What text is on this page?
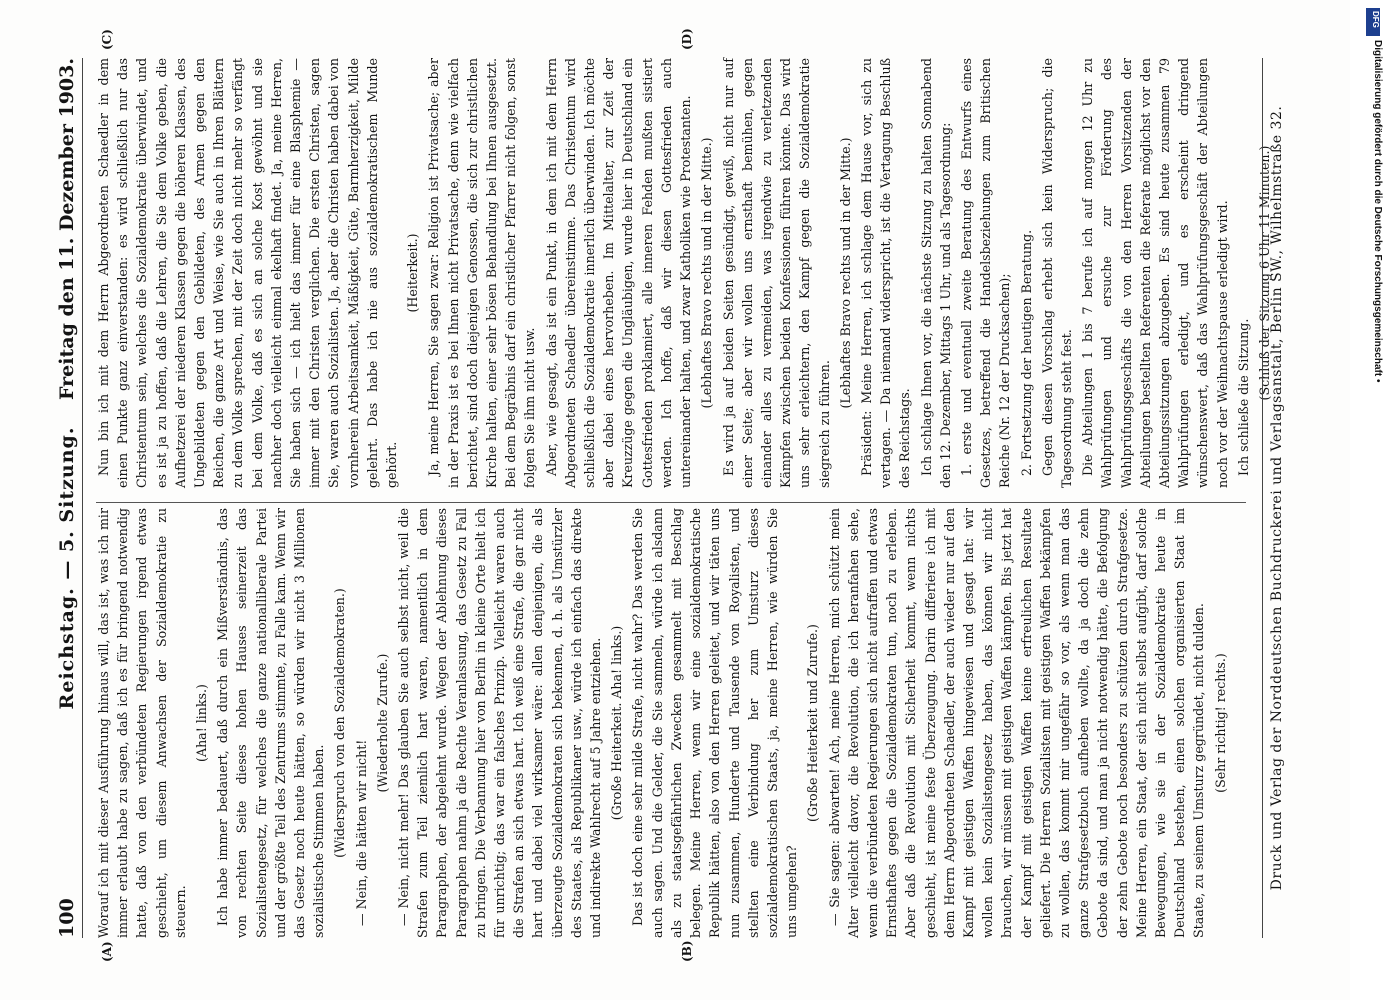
100
Reichstag. — 5. Sitzung.
Freitag den 11. Dezember 1903.
(A)	(B)
(C)	(D)

Worauf ich mit dieser Ausführung hinaus will, das ist, was ich mir immer erlaubt habe zu sagen, daß ich es für bringend notwendig hatte, daß von den verbündeten Regierungen irgend etwas geschieht, um diesem Anwachsen der Sozialdemokratie zu steuern.

(Aha! links.) Ich habe immer bedauert, daß durch ein Mißverständnis, das von rechten Seite dieses hohen Hauses seinerzeit das Sozialistengesetz, für welches die ganze nationalliberale Partei und der größte Teil des Zentrums stimmte, zu Falle kam. Wenn wir das Gesetz noch heute hätten, so würden wir nicht 3 Millionen sozialistische Stimmen haben. (Widerspruch von den Sozialdemokraten.) — Nein, die hätten wir nicht!

(Wiederholte Zurufe.) — Nein, nicht mehr! Das glauben Sie auch selbst nicht, weil die Strafen zum Teil ziemlich hart waren, namentlich in dem Paragraphen, der abgelehnt wurde. Wegen der Ablehnung dieses Paragraphen nahm ja die Rechte Veranlassung, das Gesetz zu Fall zu bringen. Die Verbannung hier von Berlin in kleine Orte hielt ich für unrichtig; das war ein falsches Prinzip. Vielleicht waren auch die Strafen an sich etwas hart. Ich weiß eine Strafe, die gar nicht hart und dabei viel wirksamer wäre: allen denjenigen, die als überzeugte Sozialdemokraten sich bekennen, d. h. als Umstürzler des Staates, als Republikaner usw., würde ich einfach das direkte und indirekte Wahlrecht auf 5 Jahre entziehen. (Große Heiterkeit. Aha! links.) Das ist doch eine sehr milde Strafe, nicht wahr? Das werden Sie auch sagen. Und die Gelder, die Sie sammeln, würde ich alsdann als zu staatsgefährlichen Zwecken gesammelt mit Beschlag belegen. Meine Herren, wenn wir eine sozialdemokratische Republik hätten, also von den Herren geleitet, und wir täten uns nun zusammen, Hunderte und Tausende von Royalisten, und stellten eine Verbindung her zum Umsturz dieses sozialdemokratischen Staats, ja, meine Herren, wie würden Sie uns umgehen?

(Große Heiterkeit und Zurufe.) — Sie sagen: abwarten! Ach, meine Herren, mich schützt mein Alter vielleicht davor, die Revolution, die ich heranfahen sehe, wenn die verbündeten Regierungen sich nicht aufraffen und etwas Ernsthaftes gegen die Sozialdemokraten tun, noch zu erleben. Aber daß die Revolution mit Sicherheit kommt, wenn nichts geschieht, ist meine feste Überzeugung. Darin differiere ich mit dem Herrn Abgeordneten Schaedler, der auch wieder nur auf den Kampf mit geistigen Waffen hingewiesen und gesagt hat: wir wollen kein Sozialistengesetz haben, das können wir nicht brauchen, wir müssen mit geistigen Waffen kämpfen. Bis jetzt hat der Kampf mit geistigen Waffen keine erfreulichen Resultate geliefert. Die Herren Sozialisten mit geistigen Waffen bekämpfen zu wollen, das kommt mir ungefähr so vor, als wenn man das ganze Strafgesetzbuch aufheben wollte, da ja doch die zehn Gebote da sind, und man ja nicht notwendig hätte, die Befolgung der zehn Gebote noch besonders zu schützen durch Strafgesetze. Meine Herren, ein Staat, der sich nicht selbst aufgibt, darf solche Bewegungen, wie sie in der Sozialdemokratie heute in Deutschland bestehen, einen solchen organisierten Staat im Staate, zu seinem Umsturz gegründet, nicht dulden. (Sehr richtig! rechts.)

Nun bin ich mit dem Herrn Abgeordneten Schaedler in dem einen Punkte ganz einverstanden: es wird schließlich nur das Christentum sein, welches die Sozialdemokratie überwindet, und es ist ja zu hoffen, daß die Lehren, die Sie dem Volke geben, die Aufhetzerei der niederen Klassen gegen die höheren Klassen, des Ungebildeten gegen den Gebildeten, des Armen gegen den Reichen, die ganze Art und Weise, wie Sie auch in Ihren Blättern zu dem Volke sprechen, mit der Zeit doch nicht mehr so verfängt bei dem Volke, daß es sich an solche Kost gewöhnt und sie nachher doch vielleicht einmal ekelhaft findet. Ja, meine Herren, Sie haben sich — ich hielt das immer für eine Blasphemie — immer mit den Christen verglichen. Die ersten Christen, sagen Sie, waren auch Sozialisten. Ja, aber die Christen haben dabei von vornherein Arbeitsamkeit, Mäßigkeit, Güte, Barmherzigkeit, Milde gelehrt. Das habe ich nie aus sozialdemokratischem Munde gehört.

(Heiterkeit.) Ja, meine Herren, Sie sagen zwar: Religion ist Privatsache; aber in der Praxis ist es bei Ihnen nicht Privatsache, denn wie vielfach berichtet, sind doch diejenigen Genossen, die sich zur christlichen Kirche halten, einer sehr bösen Behandlung bei Ihnen ausgesetzt. Bei dem Begräbnis darf ein christlicher Pfarrer nicht folgen, sonst folgen Sie ihm nicht usw. Aber, wie gesagt, das ist ein Punkt, in dem ich mit dem Herrn Abgeordneten Schaedler übereinstimme. Das Christentum wird schließlich die Sozialdemokratie innerlich überwinden. Ich möchte aber dabei eines hervorheben. Im Mittelalter, zur Zeit der Kreuzzüge gegen die Ungläubigen, wurde hier in Deutschland ein Gottesfrieden proklamiert, alle inneren Fehden mußten sistiert werden. Ich hoffe, daß wir diesen Gottesfrieden auch untereinander halten, und zwar Katholiken wie Protestanten. (Lebhaftes Bravo rechts und in der Mitte.) Es wird ja auf beiden Seiten gesündigt, gewiß, nicht nur auf einer Seite; aber wir wollen uns ernsthaft bemühen, gegen einander alles zu vermeiden, was irgendwie zu verletzenden Kämpfen zwischen beiden Konfessionen führen könnte. Das wird uns sehr erleichtern, den Kampf gegen die Sozialdemokratie siegreich zu führen.

(Lebhaftes Bravo rechts und in der Mitte.) Präsident: Meine Herren, ich schlage dem Hause vor, sich zu vertagen. — Da niemand widerspricht, ist die Vertagung Beschluß des Reichstags. Ich schlage Ihnen vor, die nächste Sitzung zu halten Sonnabend den 12. Dezember, Mittags 1 Uhr, und als Tagesordnung: 1. erste und eventuell zweite Beratung des Entwurfs eines Gesetzes, betreffend die Handelsbeziehungen zum Britischen Reiche (Nr. 12 der Drucksachen); 2. Fortsetzung der heutigen Beratung. Gegen diesen Vorschlag erhebt sich kein Widerspruch; die Tagesordnung steht fest. Die Abteilungen 1 bis 7 berufe ich auf morgen 12 Uhr zu Wahlprüfungen und ersuche zur Förderung des Wahlprüfungsgeschäfts die von den Herren Vorsitzenden der Abteilungen bestellten Referenten die Referate möglichst vor den Abteilungssitzungen abzugeben. Es sind heute zusammen 79 Wahlprüfungen erledigt, und es erscheint dringend wünschenswert, daß das Wahlprüfungsgeschäft der Abteilungen noch vor der Weihnachtspause erledigt wird. Ich schließe die Sitzung. (Schluß der Sitzung 6 Uhr 11 Minuten.)

Druck und Verlag der Norddeutschen Buchdruckerei und Verlagsanstalt, Berlin SW., Wilhelmstraße 32.	Digitalisierung gefördert durch die Deutsche Forschungsgemeinschaft •
DFG
